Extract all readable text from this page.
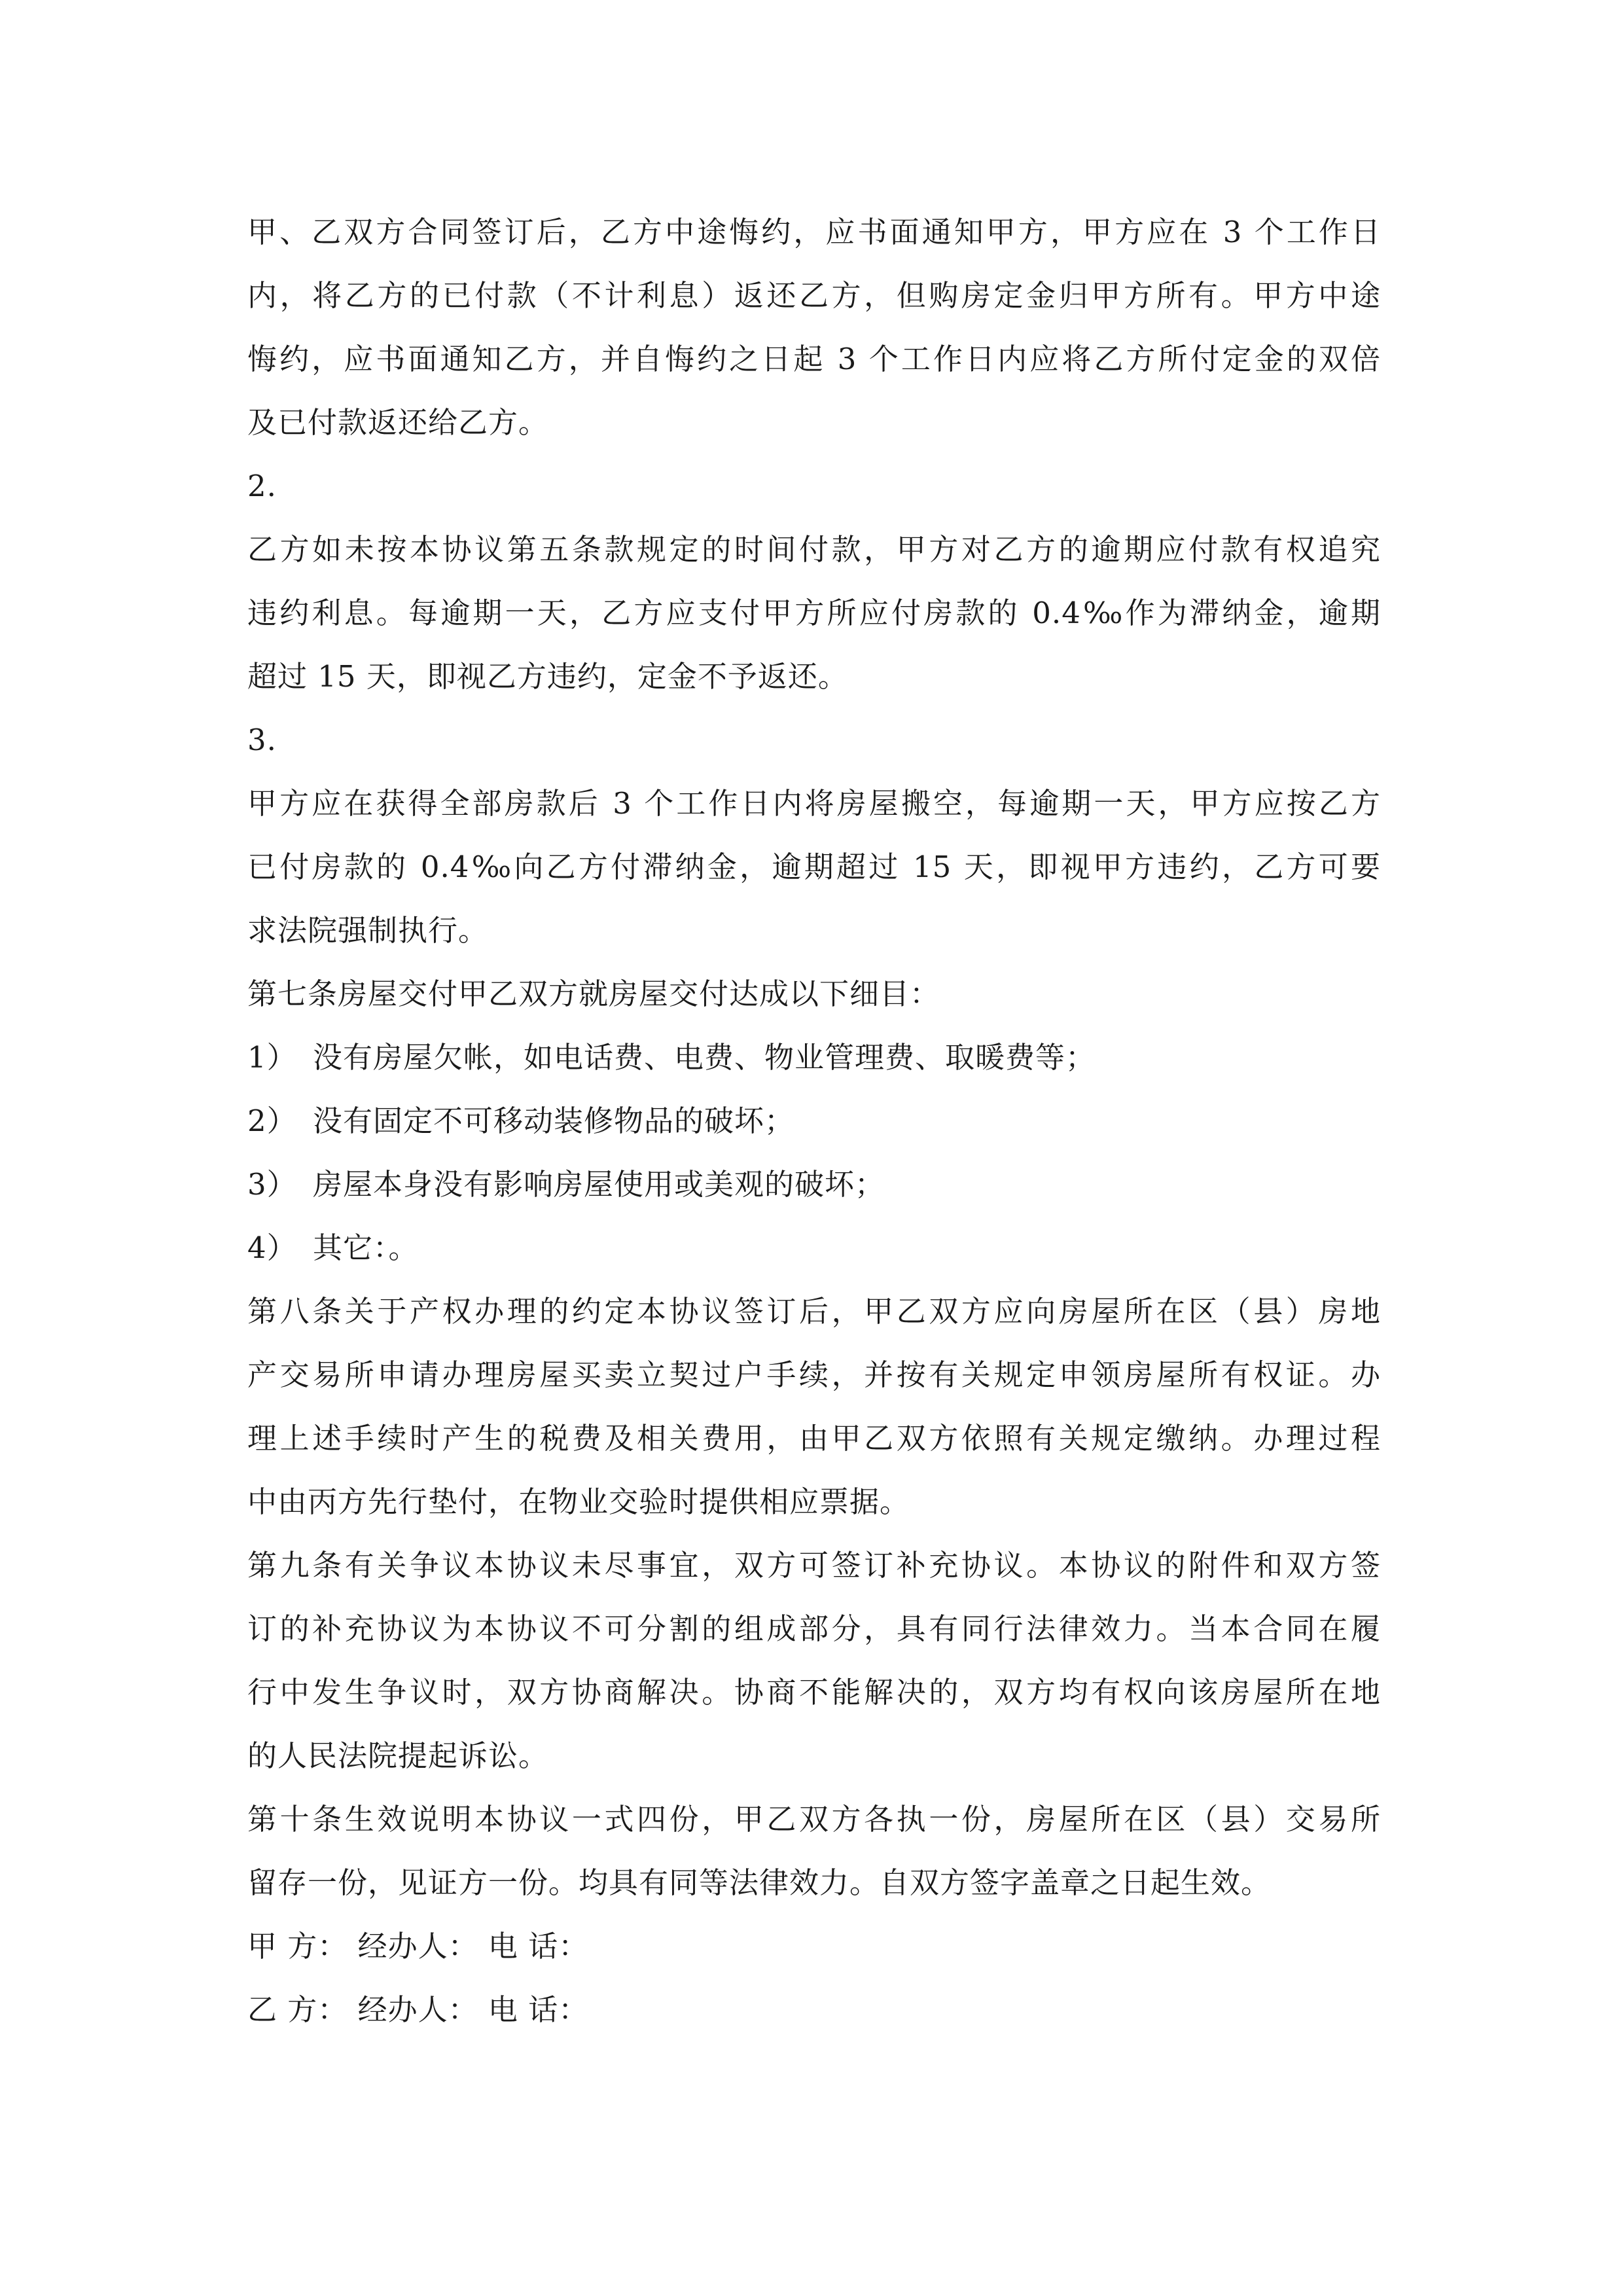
甲、乙双方合同签订后，乙方中途悔约，应书面通知甲方，甲方应在 3 个工作日
内，将乙方的已付款（不计利息）返还乙方，但购房定金归甲方所有。甲方中途
悔约，应书面通知乙方，并自悔约之日起 3 个工作日内应将乙方所付定金的双倍
及已付款返还给乙方。
2.
乙方如未按本协议第五条款规定的时间付款，甲方对乙方的逾期应付款有权追究
违约利息。每逾期一天，乙方应支付甲方所应付房款的 0.4‰作为滞纳金，逾期
超过 15 天，即视乙方违约，定金不予返还。
3.
甲方应在获得全部房款后 3 个工作日内将房屋搬空，每逾期一天，甲方应按乙方
已付房款的 0.4‰向乙方付滞纳金，逾期超过 15 天，即视甲方违约，乙方可要
求法院强制执行。
第七条房屋交付甲乙双方就房屋交付达成以下细目：
1） 没有房屋欠帐，如电话费、电费、物业管理费、取暖费等；
2） 没有固定不可移动装修物品的破坏；
3） 房屋本身没有影响房屋使用或美观的破坏；
4） 其它：。
第八条关于产权办理的约定本协议签订后，甲乙双方应向房屋所在区（县）房地
产交易所申请办理房屋买卖立契过户手续，并按有关规定申领房屋所有权证。办
理上述手续时产生的税费及相关费用，由甲乙双方依照有关规定缴纳。办理过程
中由丙方先行垫付，在物业交验时提供相应票据。
第九条有关争议本协议未尽事宜，双方可签订补充协议。本协议的附件和双方签
订的补充协议为本协议不可分割的组成部分，具有同行法律效力。当本合同在履
行中发生争议时，双方协商解决。协商不能解决的，双方均有权向该房屋所在地
的人民法院提起诉讼。
第十条生效说明本协议一式四份，甲乙双方各执一份，房屋所在区（县）交易所
留存一份，见证方一份。均具有同等法律效力。自双方签字盖章之日起生效。
甲 方： 经办人： 电 话：
乙 方： 经办人： 电 话：
